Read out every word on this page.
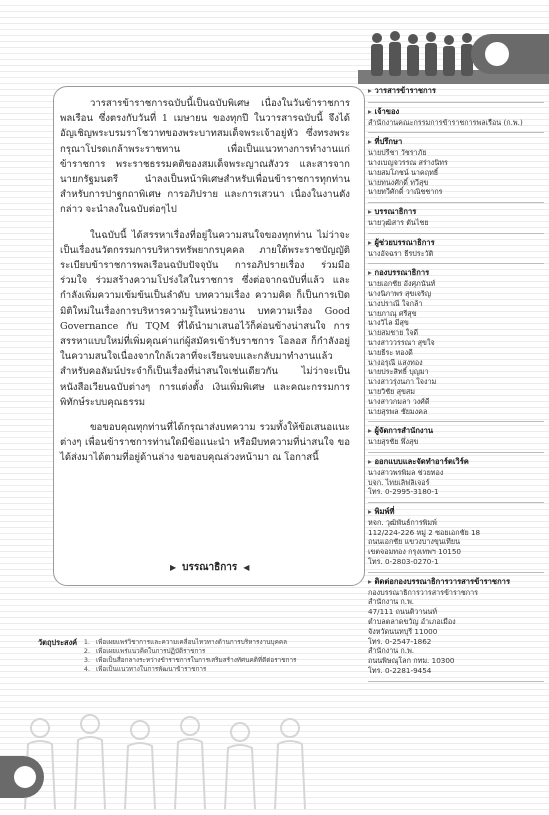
วารสารข้าราชการฉบับนี้เป็นฉบับพิเศษ เนื่องในวันข้าราชการพลเรือน ซึ่งตรงกับวันที่ 1 เมษายน ของทุกปี ในวารสารฉบับนี้ จึงได้อัญเชิญพระบรมราโชวาทของพระบาทสมเด็จพระเจ้าอยู่หัว ซึ่งทรงพระกรุณาโปรดเกล้าพระราชทาน เพื่อเป็นแนวทางการทำงานแก่ข้าราชการ พระราชธรรมคติของสมเด็จพระญาณสังวร และสารจากนายกรัฐมนตรี นำลงเป็นหน้าพิเศษสำหรับเพื่อนข้าราชการทุกท่าน สำหรับการปาฐกถาพิเศษ การอภิปราย และการเสวนา เนื่องในงานดังกล่าว จะนำลงในฉบับต่อๆไป

ในฉบับนี้ ได้สรรหาเรื่องที่อยู่ในความสนใจของทุกท่าน ไม่ว่าจะเป็นเรื่องนวัตกรรมการบริหารทรัพยากรบุคคล ภายใต้พระราชบัญญัติระเบียบข้าราชการพลเรือนฉบับปัจจุบัน การอภิปรายเรื่อง ร่วมมือร่วมใจ ร่วมสร้างความโปร่งใสในราชการ ซึ่งต่อจากฉบับที่แล้ว และกำลังเพิ่มความเข้มข้นเป็นลำดับ บทความเรื่อง ความคิด ก็เป็นการเปิดมิติใหม่ในเรื่องการบริหารความรู้ในหน่วยงาน บทความเรื่อง Good Governance กับ TQM ที่ได้นำมาเสนอไว้ก็ค่อนข้างน่าสนใจ การสรรหาแบบใหม่ที่เพิ่มคุณค่าแก่ผู้สมัครเข้ารับราชการ โอลอส ก็กำลังอยู่ในความสนใจเนื่องจากใกล้เวลาที่จะเรียนจบและกลับมาทำงานแล้ว สำหรับคอลัมน์ประจำก็เป็นเรื่องที่น่าสนใจเช่นเดียวกัน ไม่ว่าจะเป็นหนังสือเวียนฉบับต่างๆ การแต่งตั้ง เงินเพิ่มพิเศษ และคณะกรรมการพิทักษ์ระบบคุณธรรม

ขอขอบคุณทุกท่านที่ได้กรุณาส่งบทความ รวมทั้งให้ข้อเสนอแนะต่างๆ เพื่อนข้าราชการท่านใดมีข้อแนะนำ หรือมีบทความที่น่าสนใจ ขอได้ส่งมาได้ตามที่อยู่ด้านล่าง ขอขอบคุณล่วงหน้ามา ณ โอกาสนี้

▶ บรรณาธิการ ◀
▸ วารสารข้าราชการ
▸ เจ้าของ
สำนักงานคณะกรรมการข้าราชการพลเรือน (ก.พ.)
▸ ที่ปรึกษา
นายปรีชา วัชราภัย
นางเบญจวรรณ สร่างนิทร
นายสมโภชน์ นาคฤทธิ์
นายทนงศักดิ์ ทวีสุข
นายทวีศักดิ์ วาณิชชากร
▸ บรรณาธิการ
นายวุฒิสาร ตันไชย
▸ ผู้ช่วยบรรณาธิการ
นางอัจฉรา ธีรประวัติ
▸ กองบรรณาธิการ
นายเอกชัย อังศุภนันท์
นางนิภาพร สุขเจริญ
นางปราณี ใจกล้า
นายภาณุ ศรีสุข
นางวิไล มีสุข
นายสมชาย ใจดี
นางสาววรรณา สุขใจ
นายธีระ ทองดี
นางอรุณี แสงทอง
นายประสิทธิ์ บุญมา
นางสาวรุ่งนภา ใจงาม
นายวิชัย สุขสม
นางสาวกมลา วงศ์ดี
นายสุรพล ชัยมงคล
▸ ผู้จัดการสำนักงาน
นายสุรชัย พึ่งสุข
▸ ออกแบบและจัดทำอาร์ตเวิร์ค
นางสาวพรพิมล ช่วยทอง
บจก. ไทยเลิฟลิเจอร์
โทร. 0-2995-3180-1
▸ พิมพ์ที่
หจก. วุฒิพันธ์การพิมพ์
112/224-226 หมู่ 2 ซอยเอกชัย 18
ถนนเอกชัย แขวงบางขุนเทียน
เขตจอมทอง กรุงเทพฯ 10150
โทร. 0-2803-0270-1
▸ ติดต่อกองบรรณาธิการวารสารข้าราชการ
กองบรรณาธิการวารสารข้าราชการ
สำนักงาน ก.พ.
47/111 ถนนติวานนท์
ตำบลตลาดขวัญ อำเภอเมือง
จังหวัดนนทบุรี 11000
โทร. 0-2547-1862
สำนักงาน ก.พ.
ถนนพิษณุโลก กทม. 10300
โทร. 0-2281-9454
วัตถุประสงค์	1. เพื่อเผยแพร่วิชาการและความเคลื่อนไหวทางด้านการบริหารงานบุคคล
2. เพื่อเผยแพร่แนวคิดในการปฏิบัติราชการ
3. เพื่อเป็นสื่อกลางระหว่างข้าราชการในการเสริมสร้างทัศนคติที่ดีต่อราชการ
4. เพื่อเป็นแนวทางในการพัฒนาข้าราชการ
